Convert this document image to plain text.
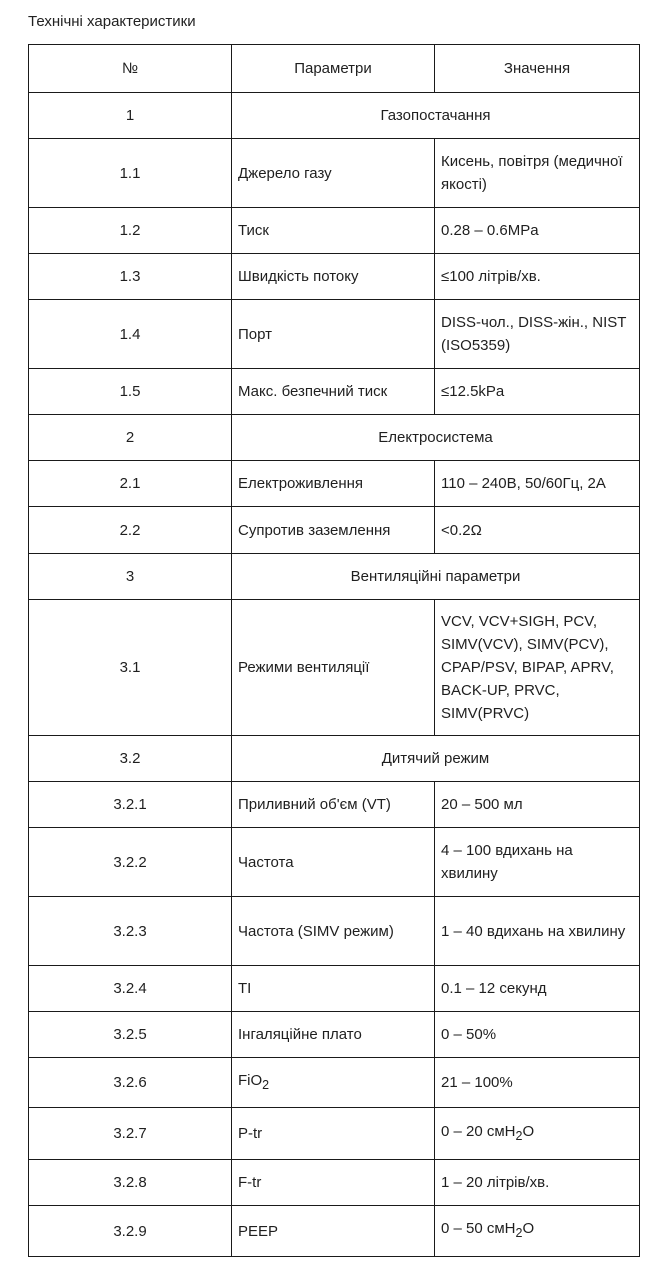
Технічні характеристики
№	Параметри	Значення
1	Газопостачання	
1.1	Джерело газу	Кисень, повітря (медичної якості)
1.2	Тиск	0.28 – 0.6MPa
1.3	Швидкість потоку	≤100 літрів/хв.
1.4	Порт	DISS-чол., DISS-жін., NIST (ISO5359)
1.5	Макс. безпечний тиск	≤12.5kPa
2	Електросистема	
2.1	Електроживлення	110 – 240В, 50/60Гц, 2А
2.2	Супротив заземлення	<0.2Ω
3	Вентиляційні параметри	
3.1	Режими вентиляції	VCV, VCV+SIGH, PCV, SIMV(VCV), SIMV(PCV), CPAP/PSV, BIPAP, APRV, BACK-UP, PRVC, SIMV(PRVC)
3.2	Дитячий режим	
3.2.1	Приливний об'єм (VT)	20 – 500 мл
3.2.2	Частота	4 – 100 вдихань на хвилину
3.2.3	Частота (SIMV режим)	1 – 40 вдихань на хвилину
3.2.4	TI	0.1 – 12 секунд
3.2.5	Інгаляційне плато	0 – 50%
3.2.6	FiO$_2$	21 – 100%
3.2.7	P-tr	0 – 20 смH$_2$O
3.2.8	F-tr	1 – 20 літрів/хв.
3.2.9	PEEP	0 – 50 смH$_2$O
